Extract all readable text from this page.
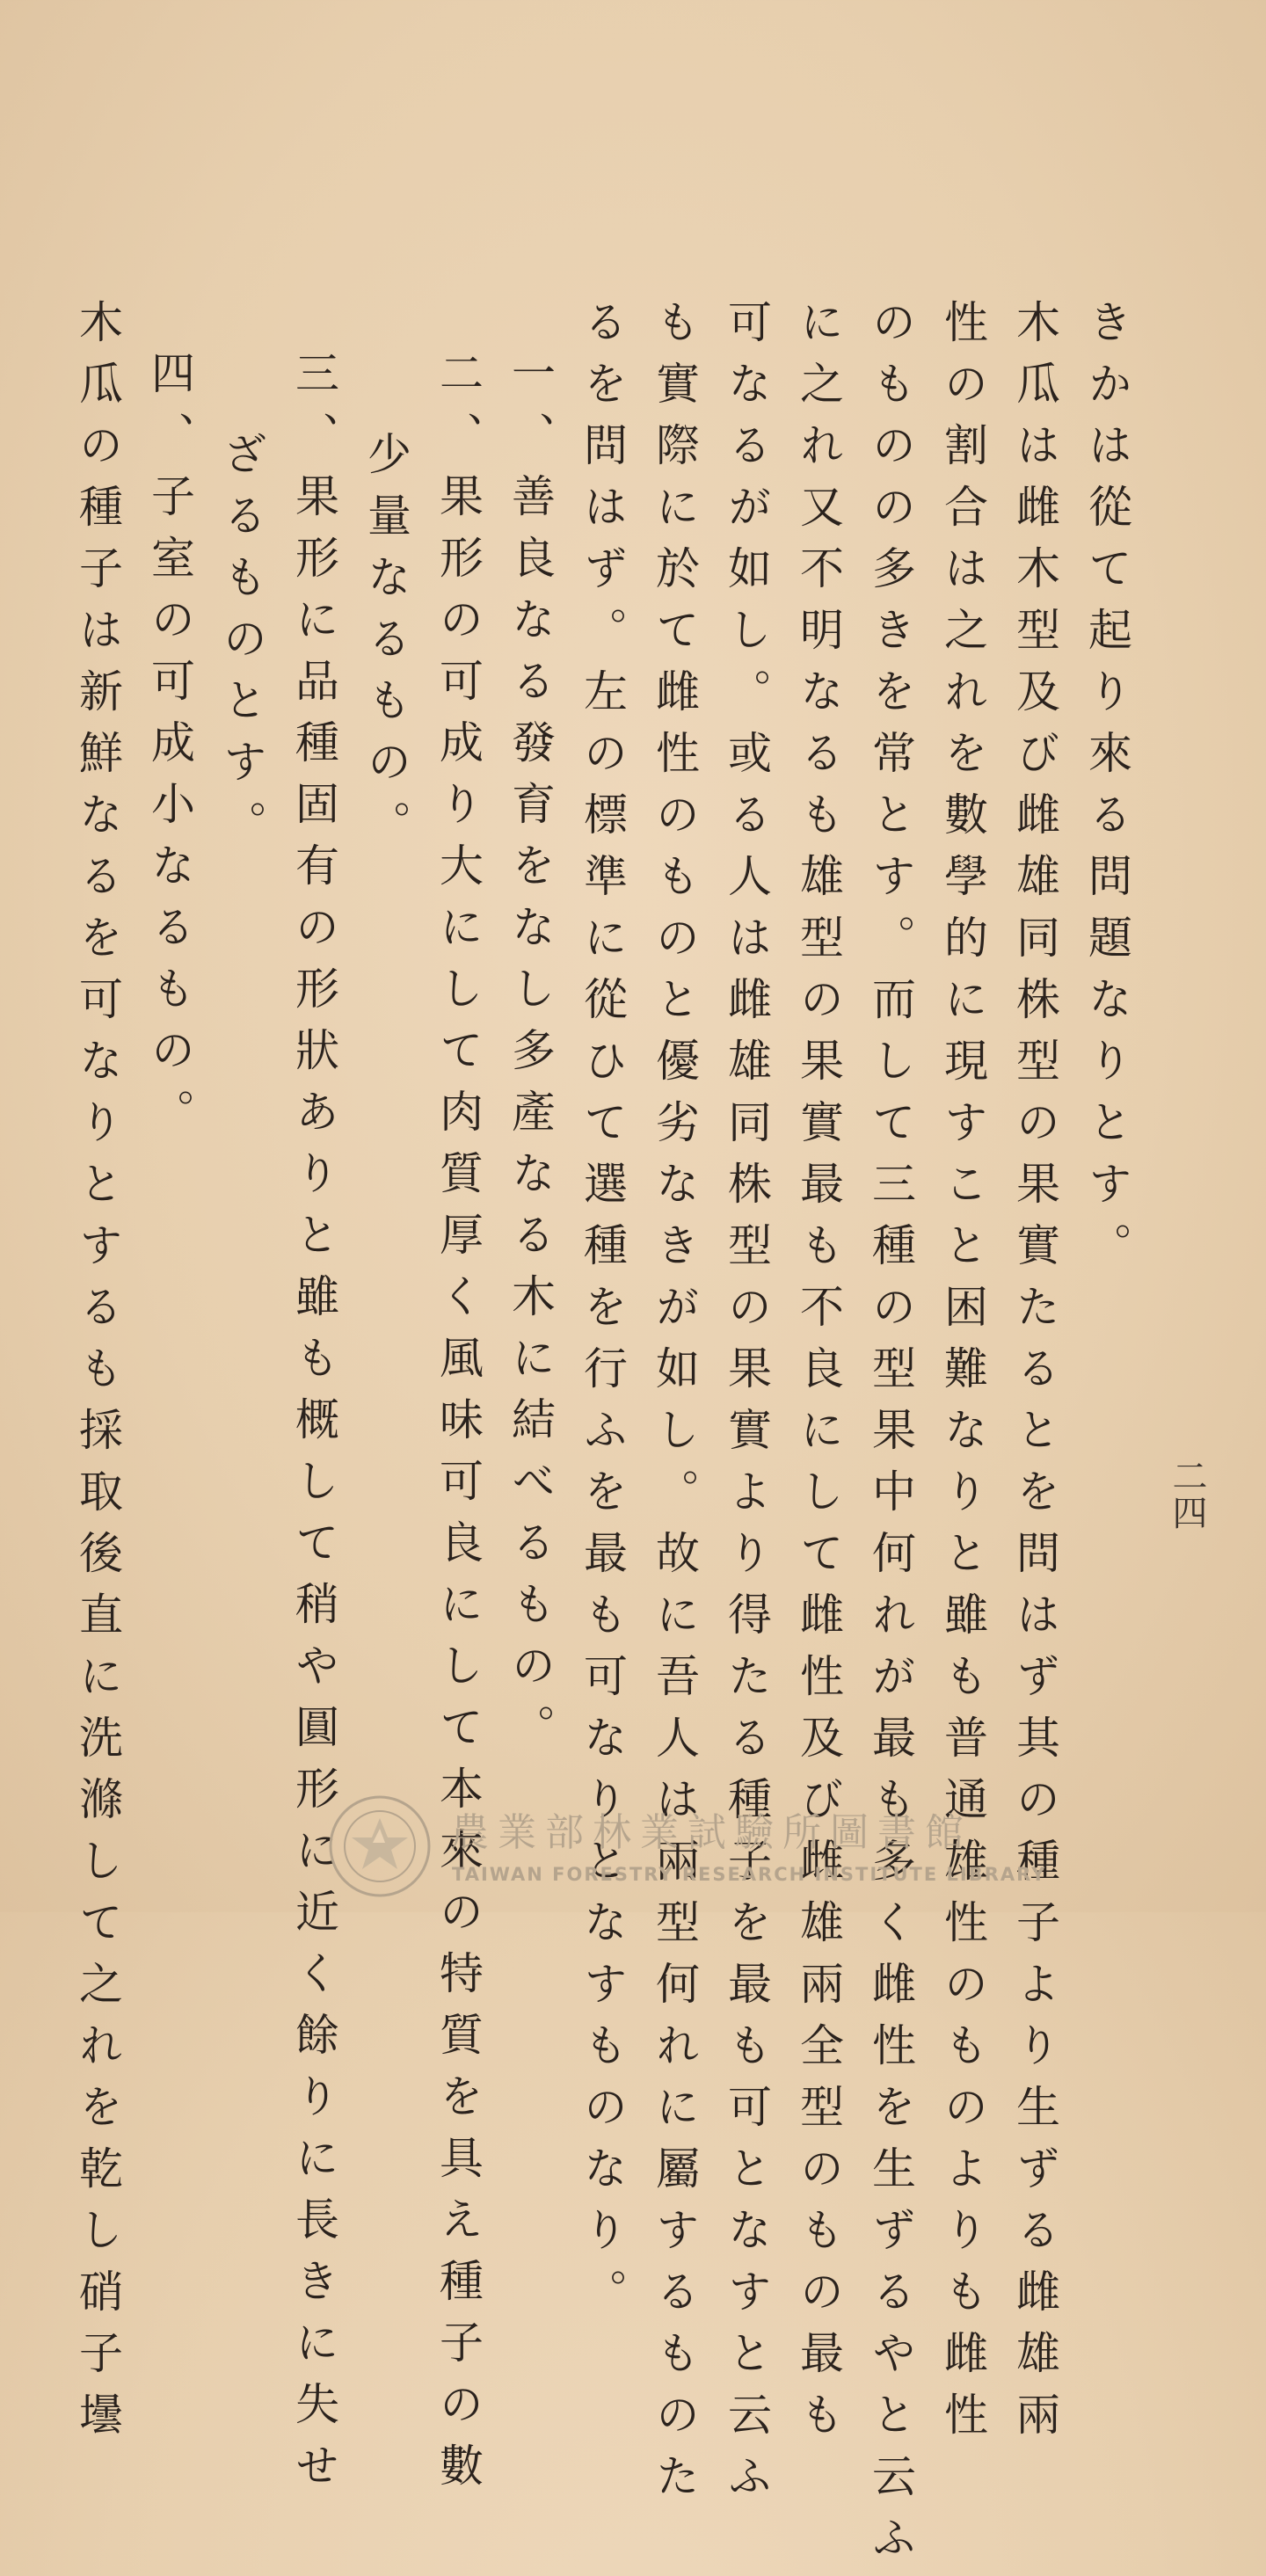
二四
きかは從て起り來る問題なりとす。
木瓜は雌木型及び雌雄同株型の果實たるとを問はず其の種子より生ずる雌雄兩
性の割合は之れを數學的に現すこと困難なりと雖も普通雄性のものよりも雌性
のものの多きを常とす。而して三種の型果中何れが最も多く雌性を生ずるやと云ふ
に之れ又不明なるも雄型の果實最も不良にして雌性及び雌雄兩全型のもの最も
可なるが如し。或る人は雌雄同株型の果實より得たる種子を最も可となすと云ふ
も實際に於て雌性のものと優劣なきが如し。故に吾人は兩型何れに屬するものた
るを問はず。左の標準に從ひて選種を行ふを最も可なりとなすものなり。
一、善良なる發育をなし多產なる木に結べるもの。
二、果形の可成り大にして肉質厚く風味可良にして本來の特質を具え種子の數
少量なるもの。
三、果形に品種固有の形狀ありと雖も概して稍や圓形に近く餘りに長きに失せ
ざるものとす。
四、子室の可成小なるもの。
木瓜の種子は新鮮なるを可なりとするも採取後直に洗滌して之れを乾し硝子壜	農業部林業試驗所圖書館
TAIWAN FORESTRY RESEARCH INSTITUTE LIBRARY
